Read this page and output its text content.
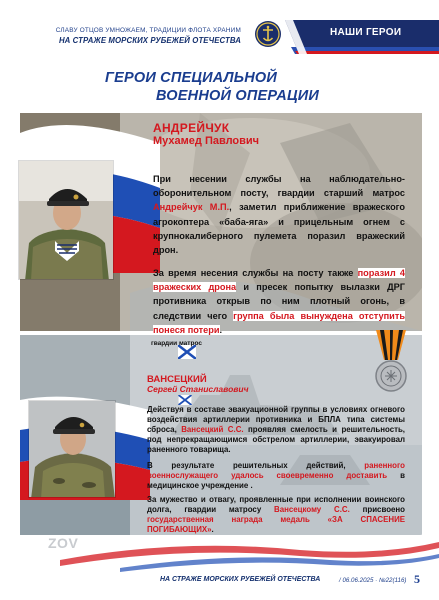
СЛАВУ ОТЦОВ УМНОЖАЕМ, ТРАДИЦИИ ФЛОТА ХРАНИМ
НА СТРАЖЕ МОРСКИХ РУБЕЖЕЙ ОТЕЧЕСТВА
НАШИ ГЕРОИ
ГЕРОИ СПЕЦИАЛЬНОЙ
ВОЕННОЙ ОПЕРАЦИИ
АНДРЕЙЧУК
Мухамед Павлович
При несении службы на наблюдательно-оборонительном посту, гвардии старший матрос Андрейчук М.П., заметил приближение вражеского агрокоптера «баба-яга» и прицельным огнем с крупнокалиберного пулемета поразил вражеский дрон.
За время несения службы на посту также поразил 4 вражеских дрона и пресек попытку вылазки ДРГ противника открыв по ним плотный огонь, в следствии чего группа была вынуждена отступить понеся потери.
гвардии матрос
ВАНСЕЦКИЙ
Сергей Станиславович
Действуя в составе эвакуационной группы в условиях огневого воздействия артиллерии противника и БПЛА типа системы сброса, Вансецкий С.С. проявляя смелость и решительность, под непрекращающимся обстрелом артиллерии, эвакуировал раненного товарища.
В результате решительных действий, раненного военнослужащего удалось своевременно доставить в медицинское учреждение .
За мужество и отвагу, проявленные при исполнении воинского долга, гвардии матросу Вансецкому С.С. присвоено государственная награда медаль «ЗА СПАСЕНИЕ ПОГИБАЮЩИХ».
ZOV
НА СТРАЖЕ МОРСКИХ РУБЕЖЕЙ ОТЕЧЕСТВА	/ 06.06.2025 · №22(116) 5
